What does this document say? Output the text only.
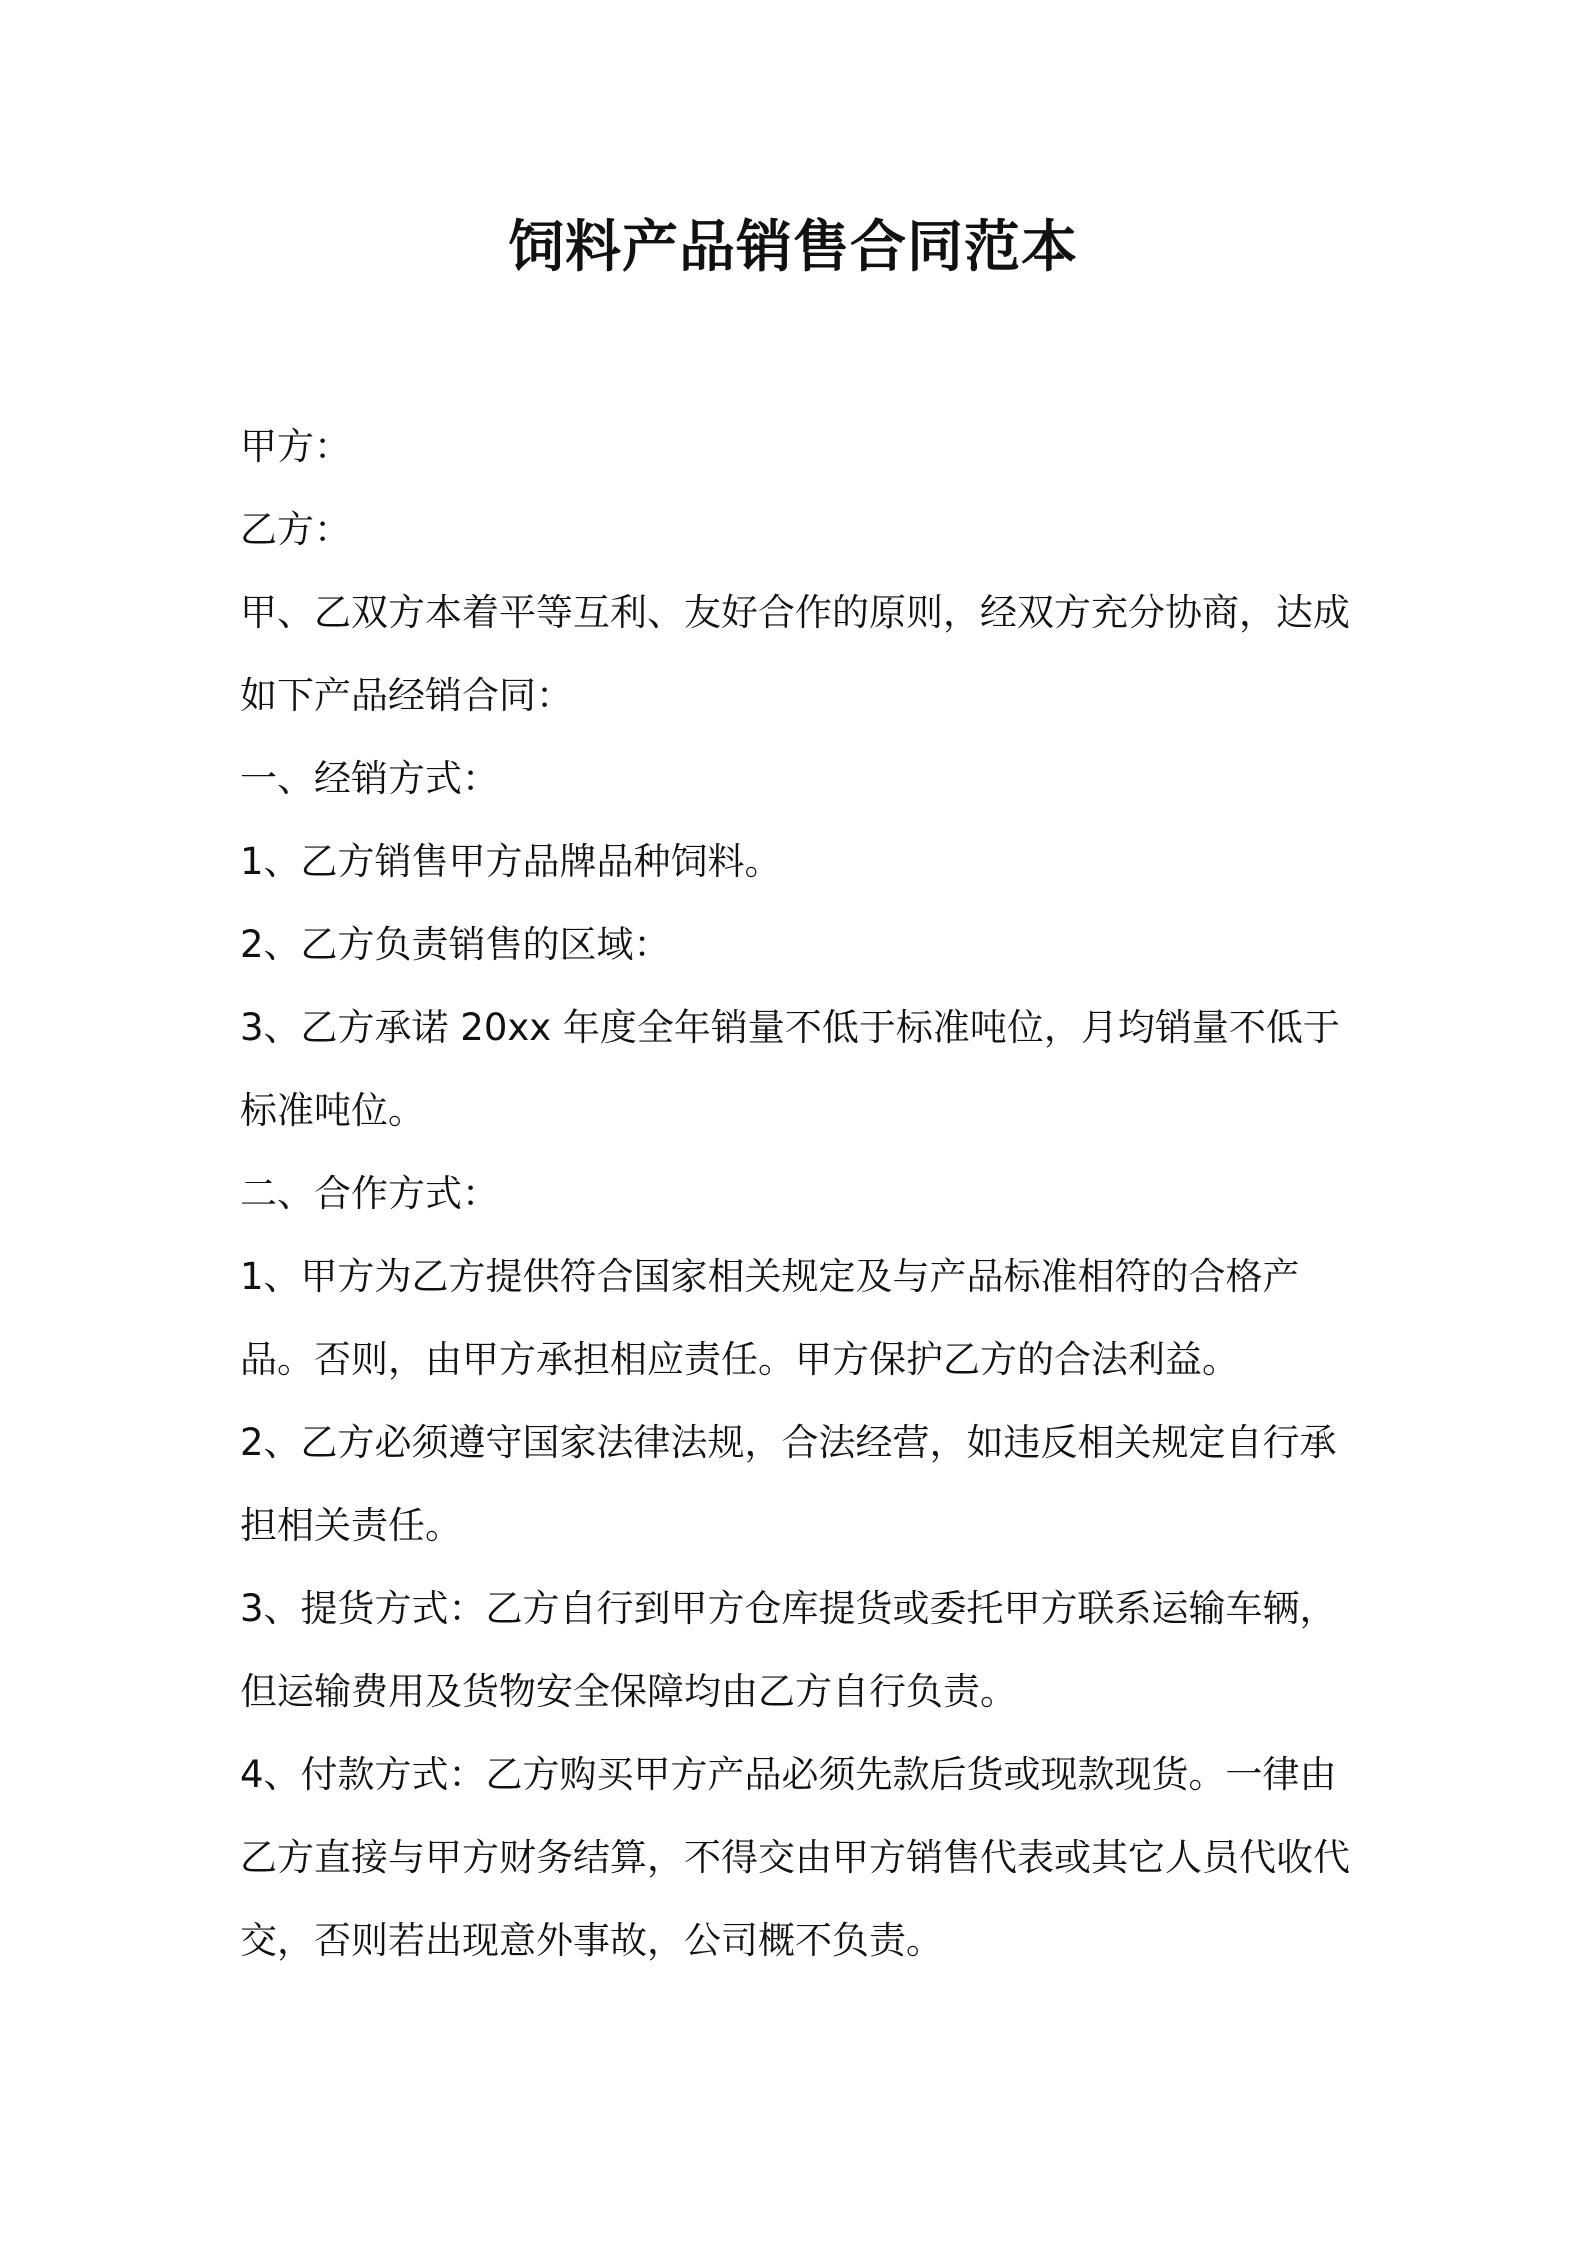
饲料产品销售合同范本

甲方：

乙方：

甲、乙双方本着平等互利、友好合作的原则，经双方充分协商，达成如下产品经销合同：

一、经销方式：

1、乙方销售甲方品牌品种饲料。

2、乙方负责销售的区域：

3、乙方承诺 20xx 年度全年销量不低于标准吨位，月均销量不低于标准吨位。

二、合作方式：

1、甲方为乙方提供符合国家相关规定及与产品标准相符的合格产品。否则，由甲方承担相应责任。甲方保护乙方的合法利益。

2、乙方必须遵守国家法律法规，合法经营，如违反相关规定自行承担相关责任。

3、提货方式：乙方自行到甲方仓库提货或委托甲方联系运输车辆，但运输费用及货物安全保障均由乙方自行负责。

4、付款方式：乙方购买甲方产品必须先款后货或现款现货。一律由乙方直接与甲方财务结算，不得交由甲方销售代表或其它人员代收代交，否则若出现意外事故，公司概不负责。
